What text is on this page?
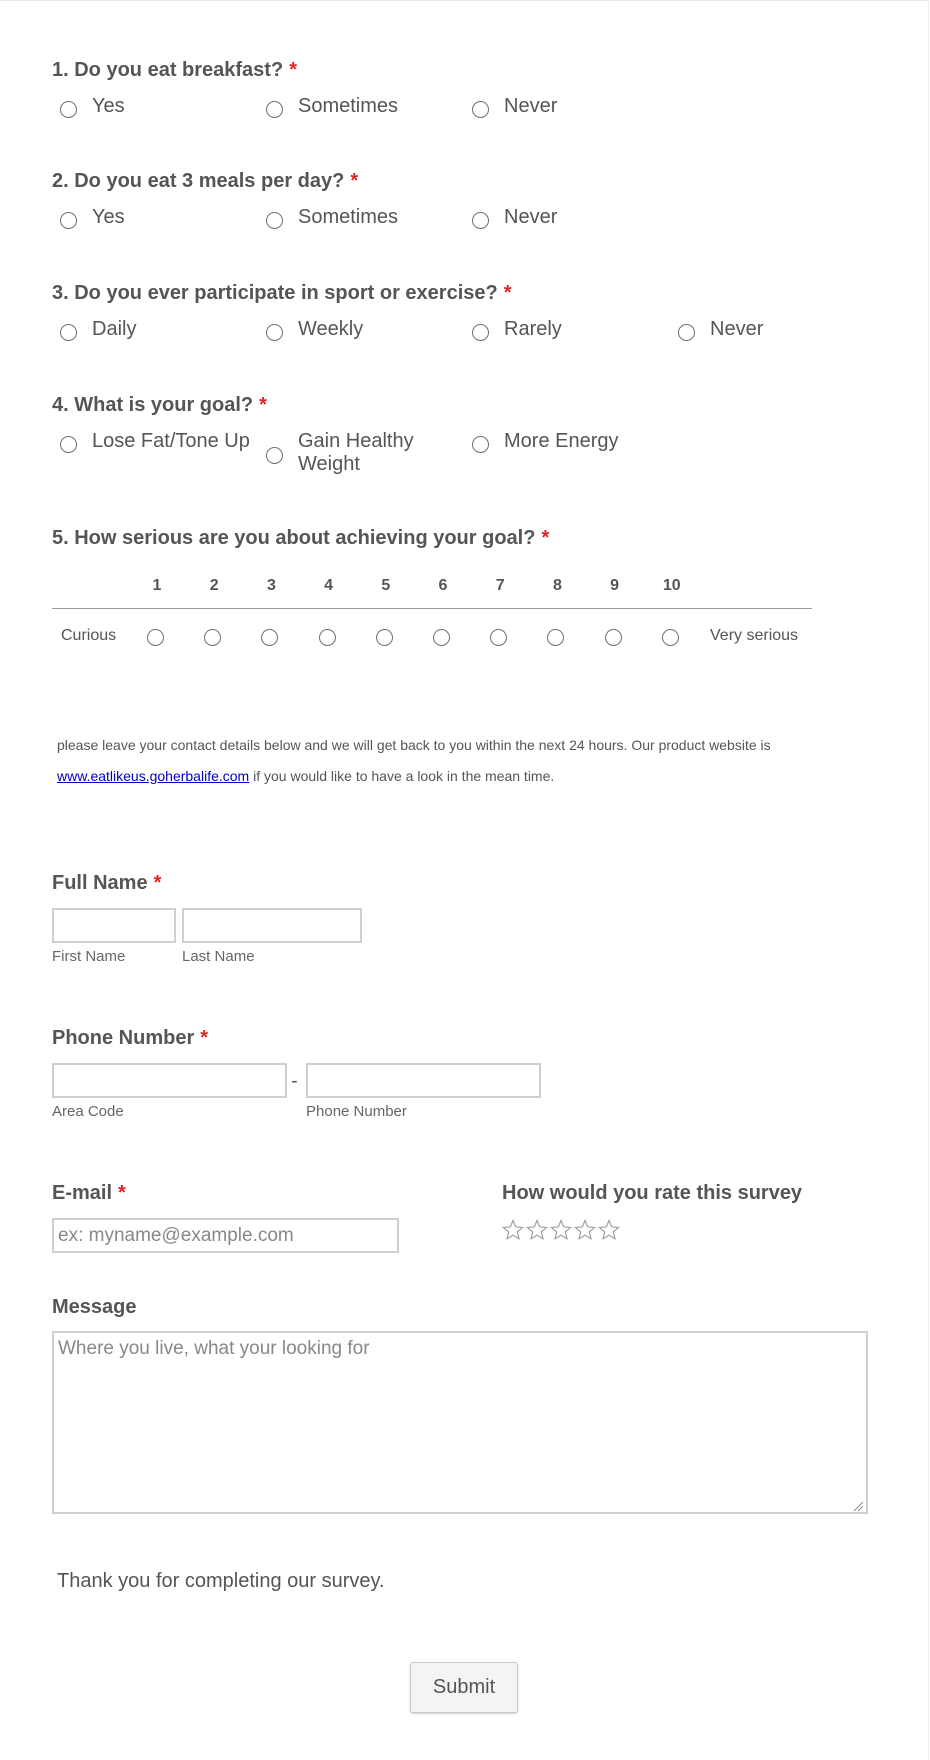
1. Do you eat breakfast? *
Yes	Sometimes	Never
2. Do you eat 3 meals per day? *
Yes	Sometimes	Never
3. Do you ever participate in sport or exercise? *
Daily	Weekly	Rarely	Never
4. What is your goal? *
Lose Fat/Tone Up Gain Healthy Weight
More Energy
5. How serious are you about achieving your goal? *
1	2	3	4	5	6	7	8	9	10
Curious	Very serious
please leave your contact details below and we will get back to you within the next 24 hours. Our product website is
www.eatlikeus.goherbalife.com if you would like to have a look in the mean time.
Full Name *
First Name	Last Name
Phone Number *
-
Area Code	Phone Number
E-mail *
ex: myname@example.com
How would you rate this survey
Message
Where you live, what your looking for
Thank you for completing our survey.
Submit
